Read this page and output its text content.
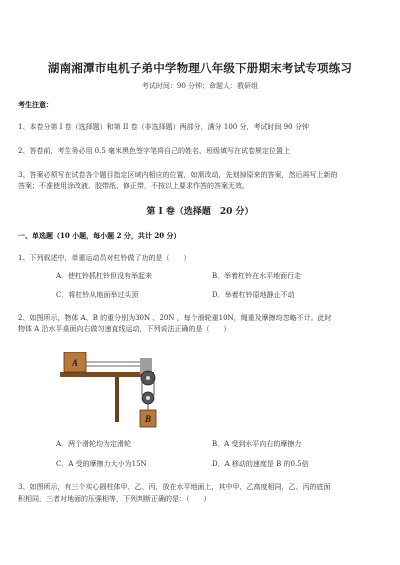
湖南湘潭市电机子弟中学物理八年级下册期末考试专项练习
考试时间：90 分钟；命题人：教研组
考生注意：
1、本卷分第 I 卷（选择题）和第 II 卷（非选择题）两部分，满分 100 分，考试时间 90 分钟
2、答卷前，考生务必用 0.5 毫米黑色签字笔将自己的姓名、班级填写在试卷规定位置上
3、答案必须写在试卷各个题目指定区域内相应的位置，如需改动，先划掉原来的答案，然后再写上新的
答案；不准使用涂改液、胶带纸、修正带，不按以上要求作答的答案无效。
第 I 卷（选择题　20 分）
一、单选题（10 小题，每小题 2 分，共计 20 分）
1、下列叙述中，单重运动员对杠铃做了功的是（　　）
A．使杠铃抓杠铃但没有举起来	B．举着杠铃在水平地面行走
C．将杠铃从地面举过头顶	D．举着杠铃原地静止不动
2、如图所示，物体 A、B 的重分别为30N 、20N ，每个滑轮重10N，绳重及摩擦均忽略不计。此时
物体 A 沿水平桌面向右做匀速直线运动，下列说法正确的是（　　）
A
B
A．两个滑轮均为定滑轮	B．A 受到水平向右的摩擦力
C．A 受的摩擦力大小为15N	D．A 移动的速度是 B 的0.5倍
3、如图所示，有三个实心圆柱体甲、乙、丙，放在水平地面上，其中甲、乙高度相同，乙、丙的底面
积相同，三者对地面的压强相等，下列判断正确的是：（　　）
